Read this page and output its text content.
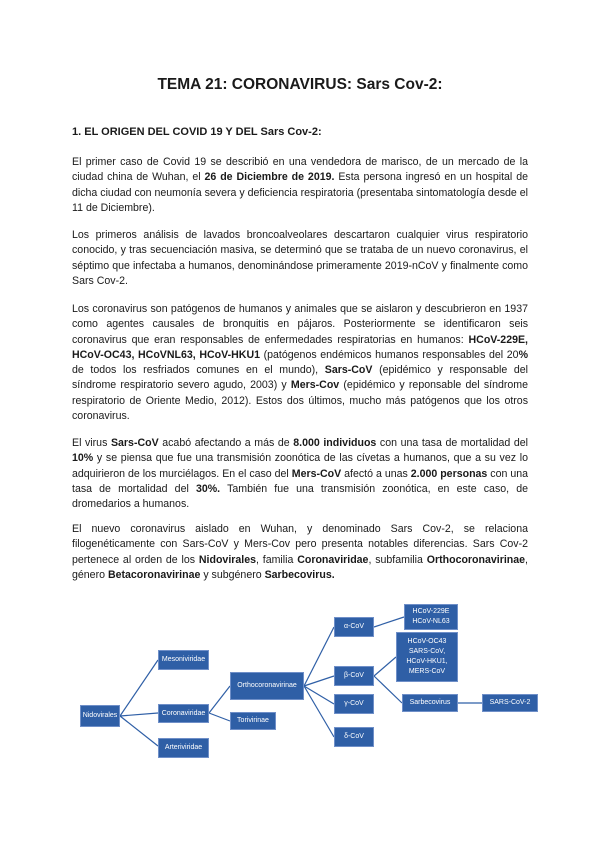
TEMA 21: CORONAVIRUS: Sars Cov-2:
1. EL ORIGEN DEL COVID 19 Y DEL Sars Cov-2:

El primer caso de Covid 19 se describió en una vendedora de marisco, de un mercado de la ciudad china de Wuhan, el 26 de Diciembre de 2019. Esta persona ingresó en un hospital de dicha ciudad con neumonía severa y deficiencia respiratoria (presentaba sintomatología desde el 11 de Diciembre).

Los primeros análisis de lavados broncoalveolares descartaron cualquier virus respiratorio conocido, y tras secuenciación masiva, se determinó que se trataba de un nuevo coronavirus, el séptimo que infectaba a humanos, denominándose primeramente 2019-nCoV y finalmente como Sars Cov-2.

Los coronavirus son patógenos de humanos y animales que se aislaron y descubrieron en 1937 como agentes causales de bronquitis en pájaros. Posteriormente se identificaron seis coronavirus que eran responsables de enfermedades respiratorias en humanos: HCoV-229E, HCoV-OC43, HCoVNL63, HCoV-HKU1 (patógenos endémicos humanos responsables del 20% de todos los resfriados comunes en el mundo), Sars-CoV (epidémico y responsable del síndrome respiratorio severo agudo, 2003) y Mers-Cov (epidémico y reponsable del síndrome respiratorio de Oriente Medio, 2012). Estos dos últimos, mucho más patógenos que los otros coronavirus.

El virus Sars-CoV acabó afectando a más de 8.000 individuos con una tasa de mortalidad del 10% y se piensa que fue una transmisión zoonótica de las cívetas a humanos, que a su vez lo adquirieron de los murciélagos. En el caso del Mers-CoV afectó a unas 2.000 personas con una tasa de mortalidad del 30%. También fue una transmisión zoonótica, en este caso, de dromedarios a humanos.

El nuevo coronavirus aislado en Wuhan, y denominado Sars Cov-2, se relaciona filogenéticamente con Sars-CoV y Mers-Cov pero presenta notables diferencias. Sars Cov-2 pertenece al orden de los Nidovirales, familia Coronaviridae, subfamilia Orthocoronavirinae, género Betacoronavirinae y subgénero Sarbecovirus.

Nidovirales
Mesoniviridae
Coronaviridae
Arteriviridae
Orthocoronavirinae
Torivirinae
α-CoV
β-CoV
γ-CoV
δ-CoV
HCoV-229E
HCoV-NL63
HCoV-OC43
SARS-CoV,
HCoV-HKU1,
MERS-CoV
Sarbecovirus	SARS-CoV-2
